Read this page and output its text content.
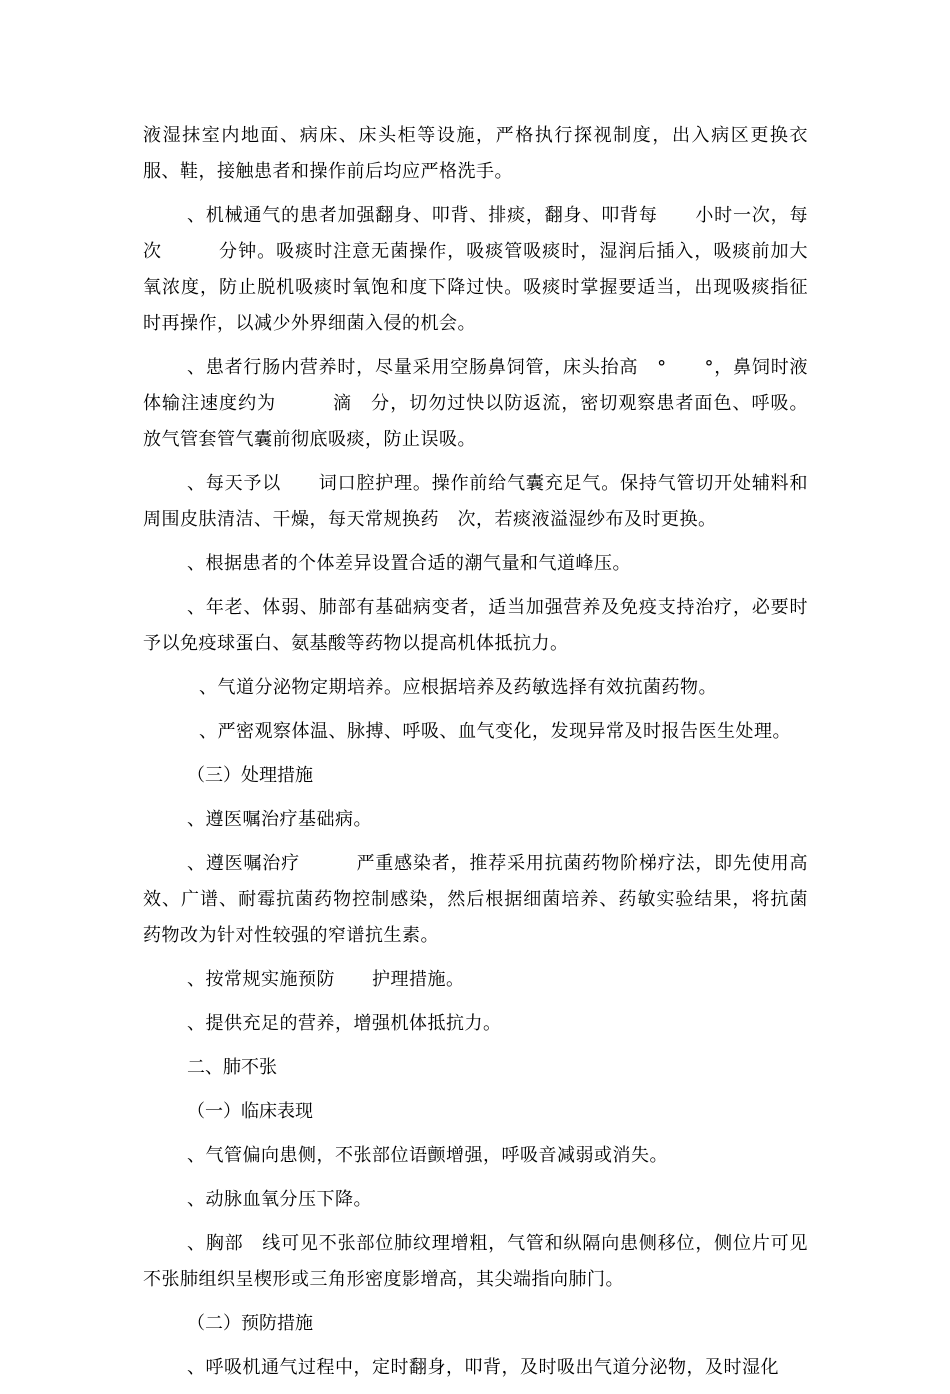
液湿抹室内地面、病床、床头柜等设施，严格执行探视制度，出入病区更换衣服、鞋，接触患者和操作前后均应严格洗手。

、机械通气的患者加强翻身、叩背、排痰，翻身、叩背每　　小时一次，每次　　　分钟。吸痰时注意无菌操作，吸痰管吸痰时，湿润后插入，吸痰前加大氧浓度，防止脱机吸痰时氧饱和度下降过快。吸痰时掌握要适当，出现吸痰指征时再操作，以减少外界细菌入侵的机会。

、患者行肠内营养时，尽量采用空肠鼻饲管，床头抬高　°　　°，鼻饲时液体输注速度约为　　　滴　分，切勿过快以防返流，密切观察患者面色、呼吸。放气管套管气囊前彻底吸痰，防止误吸。

、每天予以　　词口腔护理。操作前给气囊充足气。保持气管切开处辅料和周围皮肤清洁、干燥，每天常规换药　次，若痰液溢湿纱布及时更换。

、根据患者的个体差异设置合适的潮气量和气道峰压。

、年老、体弱、肺部有基础病变者，适当加强营养及免疫支持治疗，必要时予以免疫球蛋白、氨基酸等药物以提高机体抵抗力。

、气道分泌物定期培养。应根据培养及药敏选择有效抗菌药物。

、严密观察体温、脉搏、呼吸、血气变化，发现异常及时报告医生处理。

（三）处理措施

、遵医嘱治疗基础病。

、遵医嘱治疗　　　严重感染者，推荐采用抗菌药物阶梯疗法，即先使用高效、广谱、耐霉抗菌药物控制感染，然后根据细菌培养、药敏实验结果，将抗菌药物改为针对性较强的窄谱抗生素。

、按常规实施预防　　护理措施。

、提供充足的营养，增强机体抵抗力。

二、肺不张

（一）临床表现

、气管偏向患侧，不张部位语颤增强，呼吸音减弱或消失。

、动脉血氧分压下降。

、胸部　线可见不张部位肺纹理增粗，气管和纵隔向患侧移位，侧位片可见不张肺组织呈楔形或三角形密度影增高，其尖端指向肺门。

（二）预防措施

、呼吸机通气过程中，定时翻身，叩背，及时吸出气道分泌物，及时湿化
